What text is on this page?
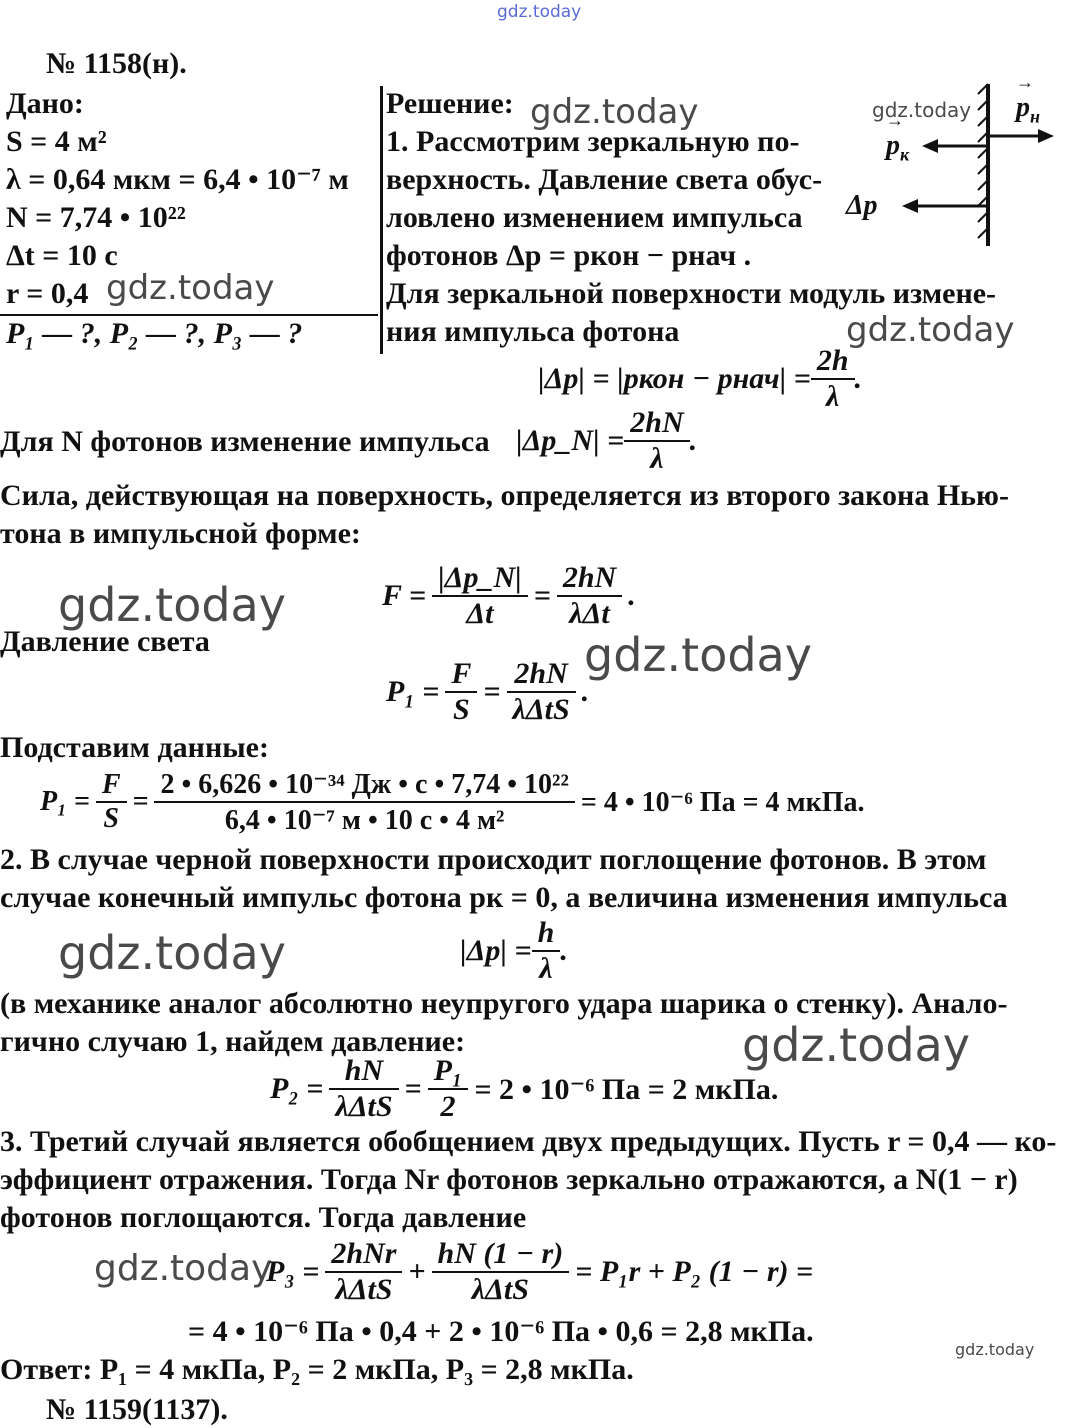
gdz.today
№ 1158(н).
Дано:
S = 4 м²
λ = 0,64 мкм = 6,4 • 10⁻⁷ м
N = 7,74 • 10²²
Δt = 10 с
r = 0,4
P₁ — ?, P₂ — ?, P₃ — ?
Решение:
1. Рассмотрим зеркальную по-
верхность. Давление света обус-
ловлено изменением импульса
фотонов Δp = pкон − pнач .
Для зеркальной поверхности модуль измене-
ния импульса фотона
→ $p_н$
→ $p_к$
Δp
|Δp| = |pкон − pнач| = $\frac{2h}{\lambda}$ .
Для N фотонов изменение импульса |Δp_N| = $\frac{2hN}{\lambda}$ .
Сила, действующая на поверхность, определяется из второго закона Нью-
тона в импульсной форме:
$F = \frac{|\Delta p\_N|}{\Delta t}$ =
2hN
λΔt
.
gdz.today
Давление света
$P_1 = \frac{F}{S}$ =
2hN
λΔtS
.
gdz.today
Подставим данные:
$P_1 = \frac{F}{S}$ =
2 • 6,626 • 10⁻³⁴ Дж • с • 7,74 • 10²²
6,4 • 10⁻⁷ м • 10 с • 4 м²
= 4 • 10⁻⁶ Па = 4 мкПа.
2. В случае черной поверхности происходит поглощение фотонов. В этом
случае конечный импульс фотона pк = 0, а величина изменения импульса
$|\Delta p| = \frac{h}{\lambda}$ .
gdz.today
(в механике аналог абсолютно неупругого удара шарика о стенку). Анало-
гично случаю 1, найдем давление:	gdz.today
P₂ =
hN
λΔtS
= $\frac{\text{P₁}}{2} = 2$ • 10⁻⁶ Па = 2 мкПа.
3. Третий случай является обобщением двух предыдущих. Пусть r = 0,4 — ко-
эффициент отражения. Тогда Nr фотонов зеркально отражаются, а N(1 − r)
фотонов поглощаются. Тогда давление
gdz.today
P₃ =
2hNr
λΔtS
+
hN (1 − r)
λΔtS
= P₁r + P₂ (1 − r) =
= 4 • 10⁻⁶ Па • 0,4 + 2 • 10⁻⁶ Па • 0,6 = 2,8 мкПа.
gdz.today
Ответ: P₁ = 4 мкПа, P₂ = 2 мкПа, P₃ = 2,8 мкПа.
№ 1159(1137).
gdz.today	gdz.today
gdz.today
gdz.today
